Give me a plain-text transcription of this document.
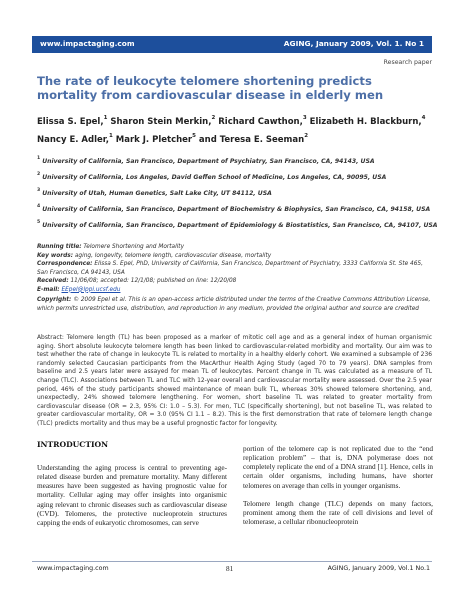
www.impactaging.com	AGING, January 2009, Vol. 1. No 1
Research paper
The rate of leukocyte telomere shortening predicts mortality from cardiovascular disease in elderly men
Elissa S. Epel,$^1$ Sharon Stein Merkin,$^2$ Richard Cawthon,$^3$ Elizabeth H. Blackburn,$^4$ Nancy E. Adler,$^1$ Mark J. Pletcher$^5$ and Teresa E. Seeman$^2$
$^1$ University of California, San Francisco, Department of Psychiatry, San Francisco, CA, 94143, USA
$^2$ University of California, Los Angeles, David Geffen School of Medicine, Los Angeles, CA, 90095, USA
$^3$ University of Utah, Human Genetics, Salt Lake City, UT 84112, USA
$^4$ University of California, San Francisco, Department of Biochemistry & Biophysics, San Francisco, CA, 94158, USA
$^5$ University of California, San Francisco, Department of Epidemiology & Biostatistics, San Francisco, CA, 94107, USA

Running title: Telomere Shortening and Mortality

Key words: aging, longevity, telomere length, cardiovascular disease, mortality

Correspondence: Elissa S. Epel, PhD, University of California, San Francisco, Department of Psychiatry, 3333 California St. Ste 465, San Francisco, CA 94143, USA

Received: 11/06/08; accepted: 12/1/08; published on line: 12/20/08

E-mail: EEpel@lppi.ucsf.edu

Copyright: © 2009 Epel et al. This is an open-access article distributed under the terms of the Creative Commons Attribution License, which permits unrestricted use, distribution, and reproduction in any medium, provided the original author and source are credited

Abstract: Telomere length (TL) has been proposed as a marker of mitotic cell age and as a general index of human organismic aging. Short absolute leukocyte telomere length has been linked to cardiovascular-related morbidity and mortality. Our aim was to test whether the rate of change in leukocyte TL is related to mortality in a healthy elderly cohort. We examined a subsample of 236 randomly selected Caucasian participants from the MacArthur Health Aging Study (aged 70 to 79 years). DNA samples from baseline and 2.5 years later were assayed for mean TL of leukocytes. Percent change in TL was calculated as a measure of TL change (TLC). Associations between TL and TLC with 12-year overall and cardiovascular mortality were assessed. Over the 2.5 year period, 46% of the study participants showed maintenance of mean bulk TL, whereas 30% showed telomere shortening, and, unexpectedly, 24% showed telomere lengthening. For women, short baseline TL was related to greater mortality from cardiovascular disease (OR = 2.3, 95% CI: 1.0 – 5.3). For men, TLC (specifically shortening), but not baseline TL, was related to greater cardiovascular mortality, OR = 3.0 (95% CI 1.1 – 8.2). This is the first demonstration that rate of telomere length change (TLC) predicts mortality and thus may be a useful prognostic factor for longevity.
INTRODUCTION
Understanding the aging process is central to preventing age-related disease burden and premature mortality. Many different measures have been suggested as having prognostic value for mortality. Cellular aging may offer insights into organismic aging relevant to chronic diseases such as cardiovascular disease (CVD). Telomeres, the protective nucleoprotein structures capping the ends of eukaryotic chromosomes, can serve

portion of the telomere cap is not replicated due to the “end replication problem” – that is, DNA polymerase does not completely replicate the end of a DNA strand [1]. Hence, cells in certain older organisms, including humans, have shorter telomeres on average than cells in younger organisms.

Telomere length change (TLC) depends on many factors, prominent among them the rate of cell divisions and level of telomerase, a cellular ribonucleoprotein

www.impactaging.com	81	AGING, January 2009, Vol.1 No.1
